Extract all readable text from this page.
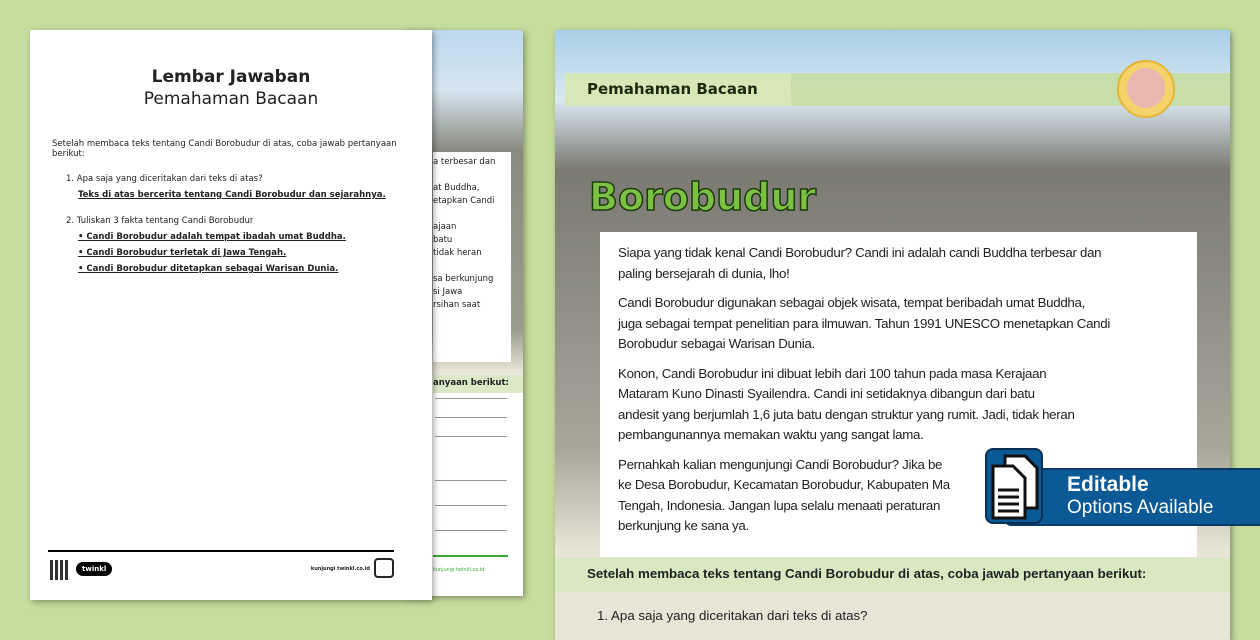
a terbesar dan

at Buddha,
etapkan Candi

ajaan
batu
tidak heran

sa berkunjung
si Jawa
rsihan saat
anyaan berikut:
kunjungi twinkl.co.id
Lembar Jawaban
Pemahaman Bacaan
Setelah membaca teks tentang Candi Borobudur di atas, coba jawab pertanyaan berikut:
1. Apa saja yang diceritakan dari teks di atas?
Teks di atas bercerita tentang Candi Borobudur dan sejarahnya.
2. Tuliskan 3 fakta tentang Candi Borobudur
• Candi Borobudur adalah tempat ibadah umat Buddha.
• Candi Borobudur terletak di Jawa Tengah.
• Candi Borobudur ditetapkan sebagai Warisan Dunia.
twinkl	kunjungi twinkl.co.id
Pemahaman Bacaan
Borobudur

Siapa yang tidak kenal Candi Borobudur? Candi ini adalah candi Buddha terbesar dan
paling bersejarah di dunia, lho!

Candi Borobudur digunakan sebagai objek wisata, tempat beribadah umat Buddha,
juga sebagai tempat penelitian para ilmuwan. Tahun 1991 UNESCO menetapkan Candi
Borobudur sebagai Warisan Dunia.

Konon, Candi Borobudur ini dibuat lebih dari 100 tahun pada masa Kerajaan
Mataram Kuno Dinasti Syailendra. Candi ini setidaknya dibangun dari batu
andesit yang berjumlah 1,6 juta batu dengan struktur yang rumit. Jadi, tidak heran
pembangunannya memakan waktu yang sangat lama.

Pernahkah kalian mengunjungi Candi Borobudur? Jika be
ke Desa Borobudur, Kecamatan Borobudur, Kabupaten Ma
Tengah, Indonesia. Jangan lupa selalu menaati peraturan
berkunjung ke sana ya.

Setelah membaca teks tentang Candi Borobudur di atas, coba jawab pertanyaan berikut:
1. Apa saja yang diceritakan dari teks di atas?
Editable
Options Available
